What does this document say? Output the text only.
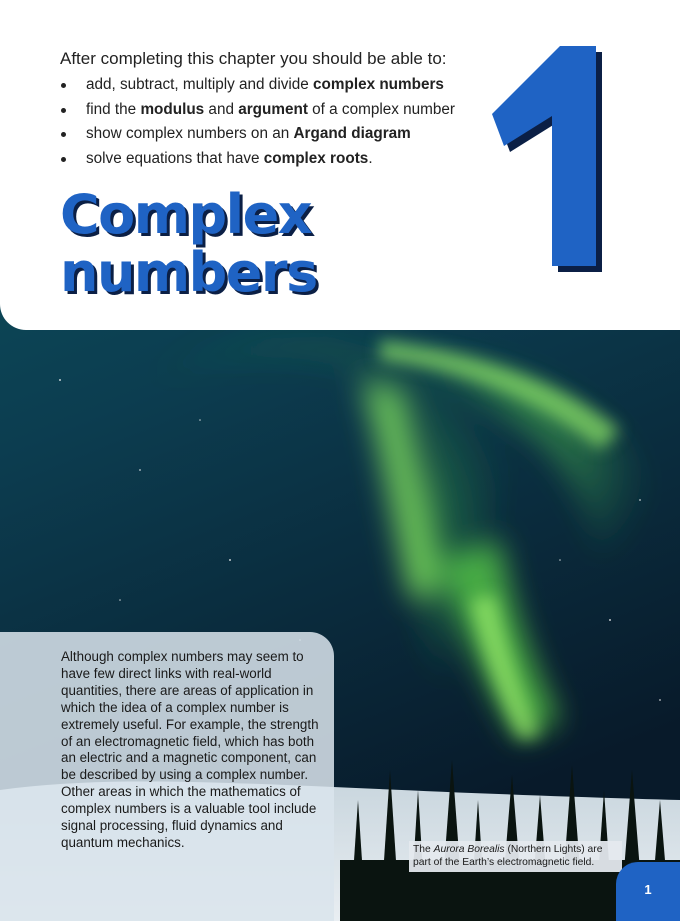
After completing this chapter you should be able to:
add, subtract, multiply and divide complex numbers
find the modulus and argument of a complex number
show complex numbers on an Argand diagram
solve equations that have complex roots.
Complex
numbers
1

Although complex numbers may seem to have few direct links with real-world quantities, there are areas of application in which the idea of a complex number is extremely useful. For example, the strength of an electromagnetic field, which has both an electric and a magnetic component, can be described by using a complex number. Other areas in which the mathematics of complex numbers is a valuable tool include signal processing, fluid dynamics and quantum mechanics.	The Aurora Borealis (Northern Lights) are part of the Earth’s electromagnetic field.
1
